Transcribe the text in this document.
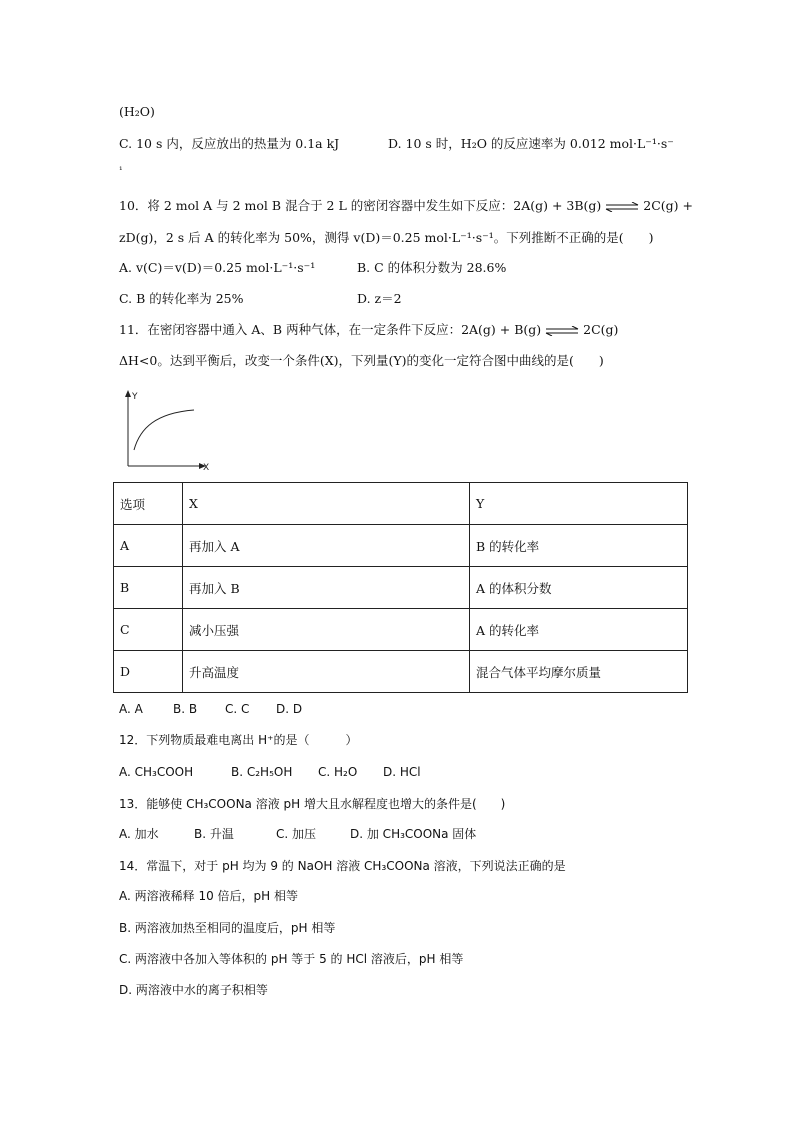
(H₂O)
C. 10 s 内，反应放出的热量为 0.1a kJ	D. 10 s 时，H₂O 的反应速率为 0.012 mol·L⁻¹·s⁻
¹
10．将 2 mol A 与 2 mol B 混合于 2 L 的密闭容器中发生如下反应：2A(g) + 3B(g) ⇌ 2C(g) +
zD(g)，2 s 后 A 的转化率为 50%，测得 v(D)＝0.25 mol·L⁻¹·s⁻¹。下列推断不正确的是(　　)
A. v(C)＝v(D)＝0.25 mol·L⁻¹·s⁻¹	B. C 的体积分数为 28.6%
C. B 的转化率为 25%	D. z＝2
11．在密闭容器中通入 A、B 两种气体，在一定条件下反应：2A(g) + B(g) ⇌ 2C(g)
ΔH<0。达到平衡后，改变一个条件(X)，下列量(Y)的变化一定符合图中曲线的是(　　)
Y
X
选项	X	Y
A	再加入 A	B 的转化率
B	再加入 B	A 的体积分数
C	减小压强	A 的转化率
D	升高温度	混合气体平均摩尔质量
A. A	B. B C. C D. D
12．下列物质最难电离出 H⁺的是（　　　）
A. CH₃COOH	B. C₂H₅OH C. H₂O D. HCl
13．能够使 CH₃COONa 溶液 pH 增大且水解程度也增大的条件是(　　)
A. 加水	B. 升温	C. 加压	D. 加 CH₃COONa 固体
14．常温下，对于 pH 均为 9 的 NaOH 溶液 CH₃COONa 溶液，下列说法正确的是
A. 两溶液稀释 10 倍后，pH 相等
B. 两溶液加热至相同的温度后，pH 相等
C. 两溶液中各加入等体积的 pH 等于 5 的 HCl 溶液后，pH 相等
D. 两溶液中水的离子积相等
